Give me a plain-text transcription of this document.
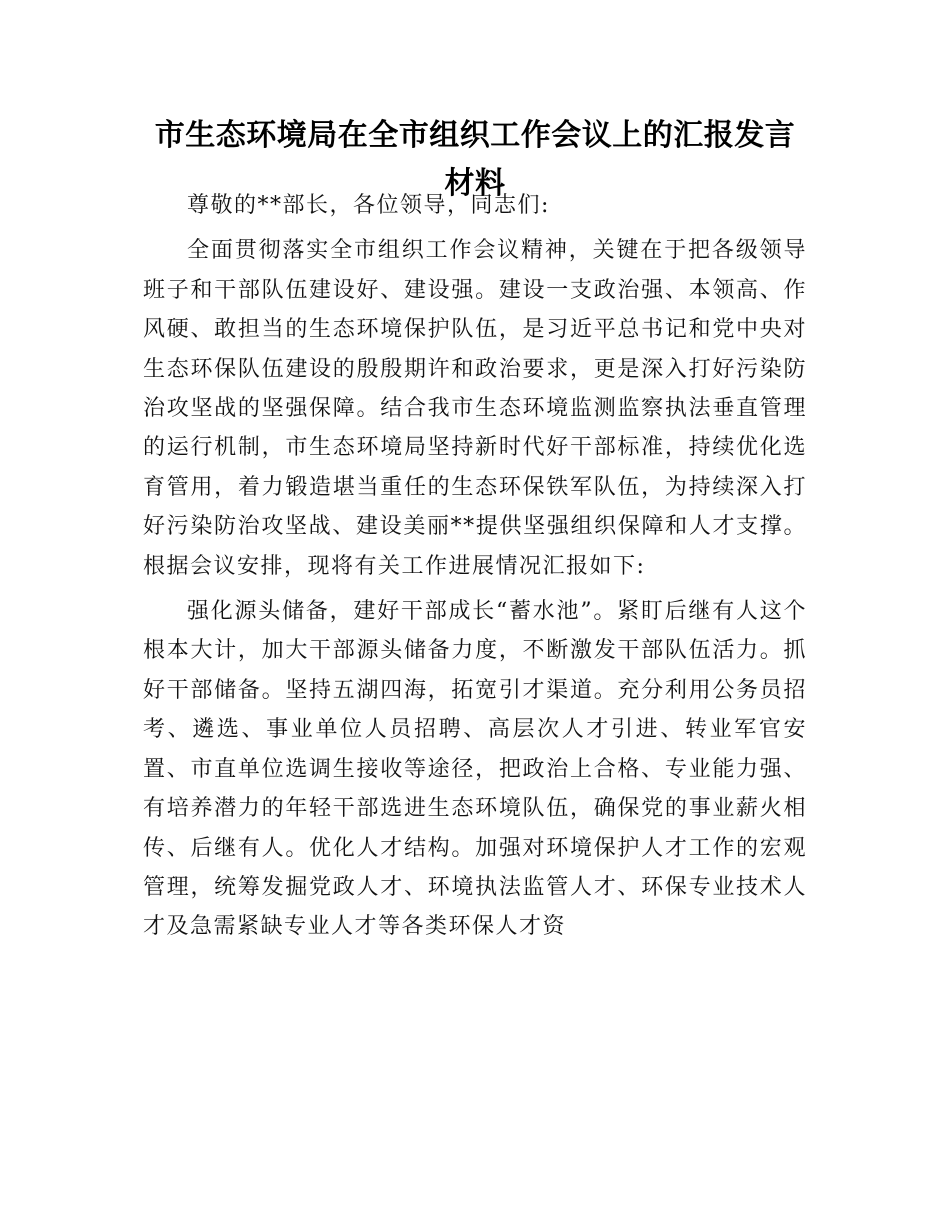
市生态环境局在全市组织工作会议上的汇报发言材料

尊敬的**部长，各位领导，同志们:

全面贯彻落实全市组织工作会议精神，关键在于把各级领导班子和干部队伍建设好、建设强。建设一支政治强、本领高、作风硬、敢担当的生态环境保护队伍，是习近平总书记和党中央对生态环保队伍建设的殷殷期许和政治要求，更是深入打好污染防治攻坚战的坚强保障。结合我市生态环境监测监察执法垂直管理的运行机制，市生态环境局坚持新时代好干部标准，持续优化选育管用，着力锻造堪当重任的生态环保铁军队伍，为持续深入打好污染防治攻坚战、建设美丽**提供坚强组织保障和人才支撑。根据会议安排，现将有关工作进展情况汇报如下:

强化源头储备，建好干部成长“蓄水池”。紧盯后继有人这个根本大计，加大干部源头储备力度，不断激发干部队伍活力。抓好干部储备。坚持五湖四海，拓宽引才渠道。充分利用公务员招考、遴选、事业单位人员招聘、高层次人才引进、转业军官安置、市直单位选调生接收等途径，把政治上合格、专业能力强、有培养潜力的年轻干部选进生态环境队伍，确保党的事业薪火相传、后继有人。优化人才结构。加强对环境保护人才工作的宏观管理，统筹发掘党政人才、环境执法监管人才、环保专业技术人才及急需紧缺专业人才等各类环保人才资
